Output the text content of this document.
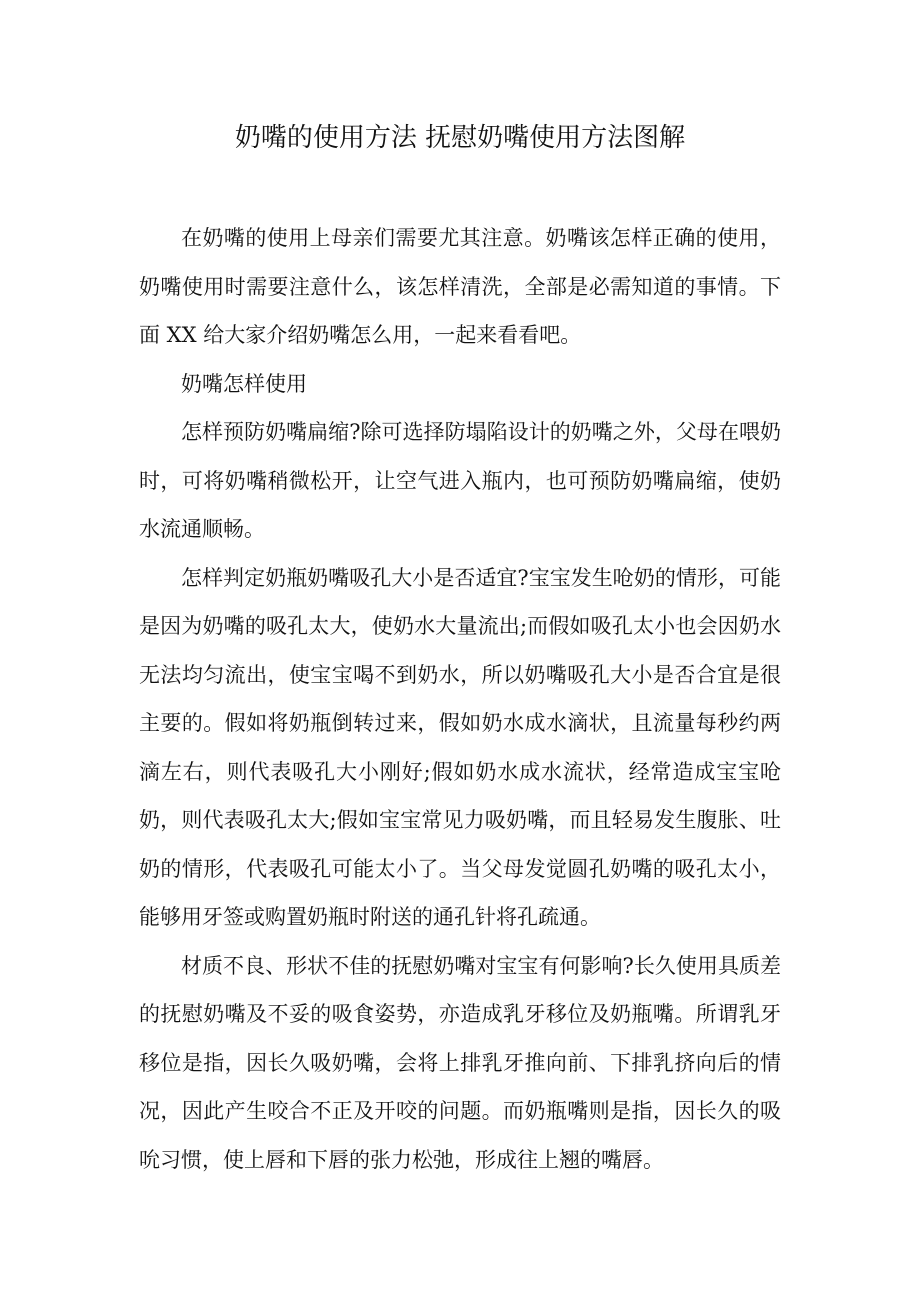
奶嘴的使用方法 抚慰奶嘴使用方法图解

在奶嘴的使用上母亲们需要尤其注意。奶嘴该怎样正确的使用，奶嘴使用时需要注意什么，该怎样清洗，全部是必需知道的事情。下面 XX 给大家介绍奶嘴怎么用，一起来看看吧。

奶嘴怎样使用

怎样预防奶嘴扁缩?除可选择防塌陷设计的奶嘴之外，父母在喂奶时，可将奶嘴稍微松开，让空气进入瓶内，也可预防奶嘴扁缩，使奶水流通顺畅。

怎样判定奶瓶奶嘴吸孔大小是否适宜?宝宝发生呛奶的情形，可能是因为奶嘴的吸孔太大，使奶水大量流出;而假如吸孔太小也会因奶水无法均匀流出，使宝宝喝不到奶水，所以奶嘴吸孔大小是否合宜是很主要的。假如将奶瓶倒转过来，假如奶水成水滴状，且流量每秒约两滴左右，则代表吸孔大小刚好;假如奶水成水流状，经常造成宝宝呛奶，则代表吸孔太大;假如宝宝常见力吸奶嘴，而且轻易发生腹胀、吐奶的情形，代表吸孔可能太小了。当父母发觉圆孔奶嘴的吸孔太小，能够用牙签或购置奶瓶时附送的通孔针将孔疏通。

材质不良、形状不佳的抚慰奶嘴对宝宝有何影响?长久使用具质差的抚慰奶嘴及不妥的吸食姿势，亦造成乳牙移位及奶瓶嘴。所谓乳牙移位是指，因长久吸奶嘴，会将上排乳牙推向前、下排乳挤向后的情况，因此产生咬合不正及开咬的问题。而奶瓶嘴则是指，因长久的吸吮习惯，使上唇和下唇的张力松弛，形成往上翘的嘴唇。
